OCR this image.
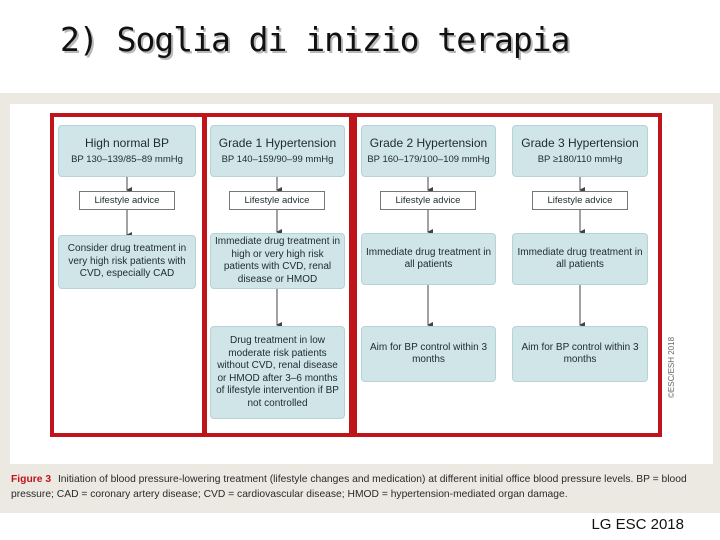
2) Soglia di inizio terapia
High normal BP
BP 130–139/85–89 mmHg
Lifestyle advice
Consider drug treatment in very high risk patients with CVD, especially CAD
Grade 1 Hypertension
BP 140–159/90–99 mmHg
Lifestyle advice
Immediate drug treatment in high or very high risk patients with CVD, renal disease or HMOD
Drug treatment in low moderate risk patients without CVD, renal disease or HMOD after 3–6 months of lifestyle intervention if BP not controlled
Grade 2 Hypertension
BP 160–179/100–109 mmHg
Lifestyle advice
Immediate drug treatment in all patients
Aim for BP control within 3 months
Grade 3 Hypertension
BP ≥180/110 mmHg
Lifestyle advice
Immediate drug treatment in all patients
Aim for BP control within 3 months	©ESC/ESH 2018
Figure 3 Initiation of blood pressure-lowering treatment (lifestyle changes and medication) at different initial office blood pressure levels. BP = blood pressure; CAD = coronary artery disease; CVD = cardiovascular disease; HMOD = hypertension-mediated organ damage.
LG ESC 2018
